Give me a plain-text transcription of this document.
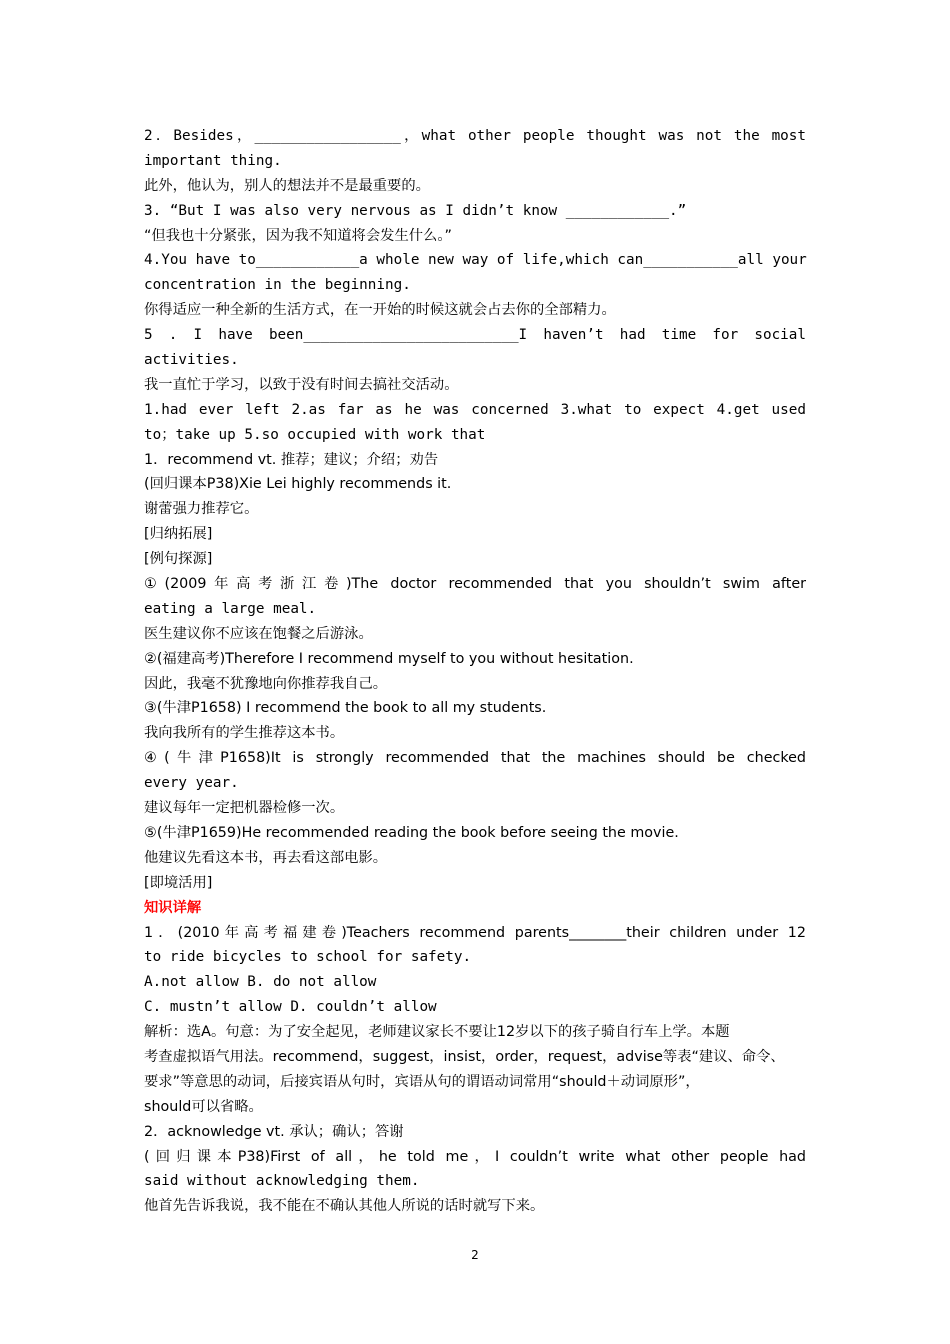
2．Besides，_________________，what other people thought was not the most
important thing.
此外，他认为，别人的想法并不是最重要的。
3. “But I was also very nervous as I didn’t know ____________.”
“但我也十分紧张，因为我不知道将会发生什么。”
4.You have to____________a whole new way of life,which can___________all your
concentration in the beginning.
你得适应一种全新的生活方式，在一开始的时候这就会占去你的全部精力。
5 . I have been_________________________I haven’t had time for social
activities.
我一直忙于学习，以致于没有时间去搞社交活动。
1.had ever left 2.as far as he was concerned 3.what to expect 4.get used
to；take up 5.so occupied with work that
1．recommend vt. 推荐；建议；介绍；劝告
(回归课本P38)Xie Lei highly recommends it.
谢蕾强力推荐它。
[归纳拓展]
[例句探源]
①(2009年高考浙江卷)The doctor recommended that you shouldn’t swim after
eating a large meal.
医生建议你不应该在饱餐之后游泳。
②(福建高考)Therefore I recommend myself to you without hesitation.
因此，我毫不犹豫地向你推荐我自己。
③(牛津P1658) I recommend the book to all my students.
我向我所有的学生推荐这本书。
④(牛津P1658)It is strongly recommended that the machines should be checked
every year.
建议每年一定把机器检修一次。
⑤(牛津P1659)He recommended reading the book before seeing the movie.
他建议先看这本书，再去看这部电影。
[即境活用]
知识详解
1．(2010年高考福建卷)Teachers recommend parents________their children under 12
to ride bicycles to school for safety.
A.not allow B. do not allow
C. mustn’t allow D. couldn’t allow
解析：选A。句意：为了安全起见，老师建议家长不要让12岁以下的孩子骑自行车上学。本题
考查虚拟语气用法。recommend，suggest，insist，order，request，advise等表“建议、命令、
要求”等意思的动词，后接宾语从句时，宾语从句的谓语动词常用“should＋动词原形”，
should可以省略。
2．acknowledge vt. 承认；确认；答谢
(回归课本P38)First of all，he told me，I couldn’t write what other people had
said without acknowledging them.
他首先告诉我说，我不能在不确认其他人所说的话时就写下来。
2
